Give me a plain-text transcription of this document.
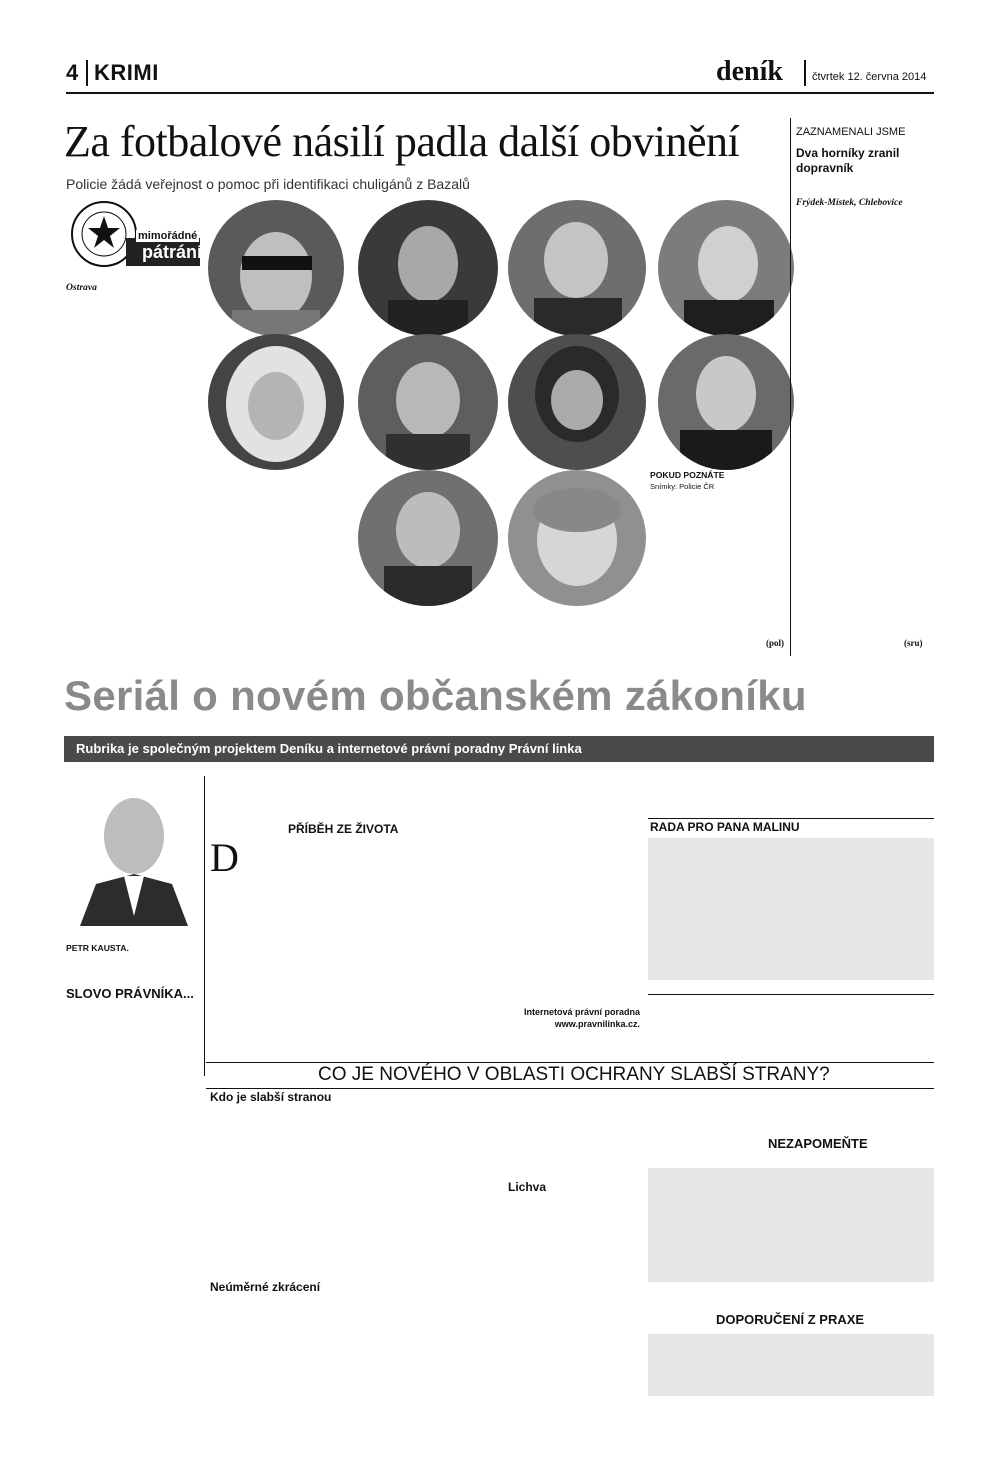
4 KRIMI	deník	čtvrtek 12. června 2014
Za fotbalové násilí padla další obvinění
Policie žádá veřejnost o pomoc při identifikaci chuligánů z Bazalů
mimořádné
pátrání
Ostrava
POKUD POZNÁTE
Snímky: Policie ČR
(pol)
ZAZNAMENALI JSME
Dva horníky zranil dopravník

Frýdek-Místek, Chlebovice

(sru)
Seriál o novém občanském zákoníku
Rubrika je společným projektem Deníku a internetové právní poradny Právní linka

PETR KAUSTA.

SLOVO PRÁVNÍKA...
PŘÍBĚH ZE ŽIVOTA
D
Internetová právní poradna
www.pravnilinka.cz.
RADA PRO PANA MALINU
CO JE NOVÉHO V OBLASTI OCHRANY SLABŠÍ STRANY?
Kdo je slabší stranou
Neúměrné zkrácení
Lichva
NEZAPOMEŇTE
DOPORUČENÍ Z PRAXE
